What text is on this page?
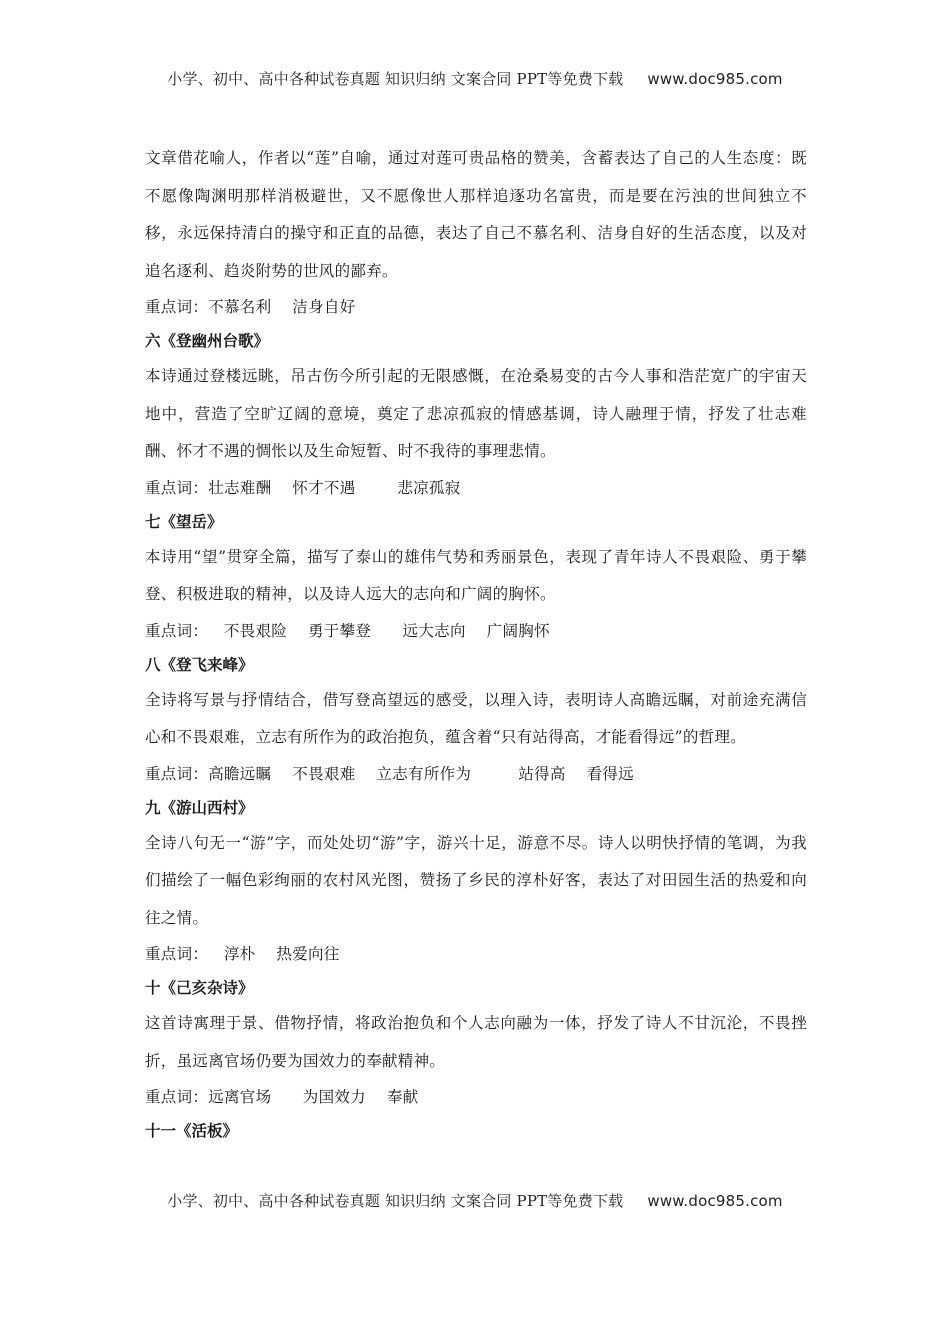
小学、初中、高中各种试卷真题 知识归纳 文案合同 PPT等免费下载 www.doc985.com

文章借花喻人，作者以“莲”自喻，通过对莲可贵品格的赞美，含蓄表达了自己的人生态度：既不愿像陶渊明那样消极避世，又不愿像世人那样追逐功名富贵，而是要在污浊的世间独立不移，永远保持清白的操守和正直的品德，表达了自己不慕名利、洁身自好的生活态度，以及对追名逐利、趋炎附势的世风的鄙弃。

重点词：不慕名利    洁身自好

六《登幽州台歌》

本诗通过登楼远眺，吊古伤今所引起的无限感慨，在沧桑易变的古今人事和浩茫宽广的宇宙天地中，营造了空旷辽阔的意境，奠定了悲凉孤寂的情感基调，诗人融理于情，抒发了壮志难酬、怀才不遇的惆怅以及生命短暂、时不我待的事理悲情。

重点词：壮志难酬    怀才不遇        悲凉孤寂

七《望岳》

本诗用“望”贯穿全篇，描写了泰山的雄伟气势和秀丽景色，表现了青年诗人不畏艰险、勇于攀登、积极进取的精神，以及诗人远大的志向和广阔的胸怀。

重点词：   不畏艰险    勇于攀登      远大志向    广阔胸怀

八《登飞来峰》

全诗将写景与抒情结合，借写登高望远的感受，以理入诗，表明诗人高瞻远瞩，对前途充满信心和不畏艰难，立志有所作为的政治抱负，蕴含着“只有站得高，才能看得远”的哲理。

重点词：高瞻远瞩    不畏艰难    立志有所作为         站得高    看得远

九《游山西村》

全诗八句无一“游”字，而处处切“游”字，游兴十足，游意不尽。诗人以明快抒情的笔调，为我们描绘了一幅色彩绚丽的农村风光图，赞扬了乡民的淳朴好客，表达了对田园生活的热爱和向往之情。

重点词：   淳朴    热爱向往

十《己亥杂诗》

这首诗寓理于景、借物抒情，将政治抱负和个人志向融为一体，抒发了诗人不甘沉沦，不畏挫折，虽远离官场仍要为国效力的奉献精神。

重点词：远离官场      为国效力    奉献

十一《活板》

小学、初中、高中各种试卷真题 知识归纳 文案合同 PPT等免费下载 www.doc985.com
